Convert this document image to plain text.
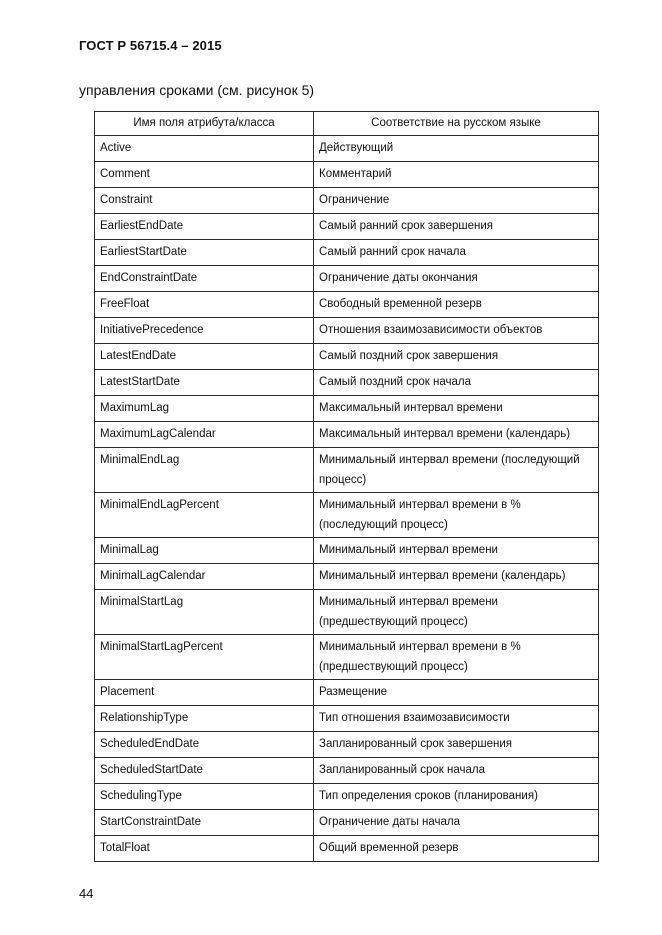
ГОСТ Р 56715.4 – 2015
управления сроками (см. рисунок 5)
Имя поля атрибута/класса	Соответствие на русском языке
Active	Действующий
Comment	Комментарий
Constraint	Ограничение
EarliestEndDate	Самый ранний срок завершения
EarliestStartDate	Самый ранний срок начала
EndConstraintDate	Ограничение даты окончания
FreeFloat	Свободный временной резерв
InitiativePrecedence	Отношения взаимозависимости объектов
LatestEndDate	Самый поздний срок завершения
LatestStartDate	Самый поздний срок начала
MaximumLag	Максимальный интервал времени
MaximumLagCalendar	Максимальный интервал времени (календарь)
MinimalEndLag	Минимальный интервал времени (последующий процесс)
MinimalEndLagPercent	Минимальный интервал времени в % (последующий процесс)
MinimalLag	Минимальный интервал времени
MinimalLagCalendar	Минимальный интервал времени (календарь)
MinimalStartLag	Минимальный интервал времени (предшествующий процесс)
MinimalStartLagPercent	Минимальный интервал времени в % (предшествующий процесс)
Placement	Размещение
RelationshipType	Тип отношения взаимозависимости
ScheduledEndDate	Запланированный срок завершения
ScheduledStartDate	Запланированный срок начала
SchedulingType	Тип определения сроков (планирования)
StartConstraintDate	Ограничение даты начала
TotalFloat	Общий временной резерв
44
